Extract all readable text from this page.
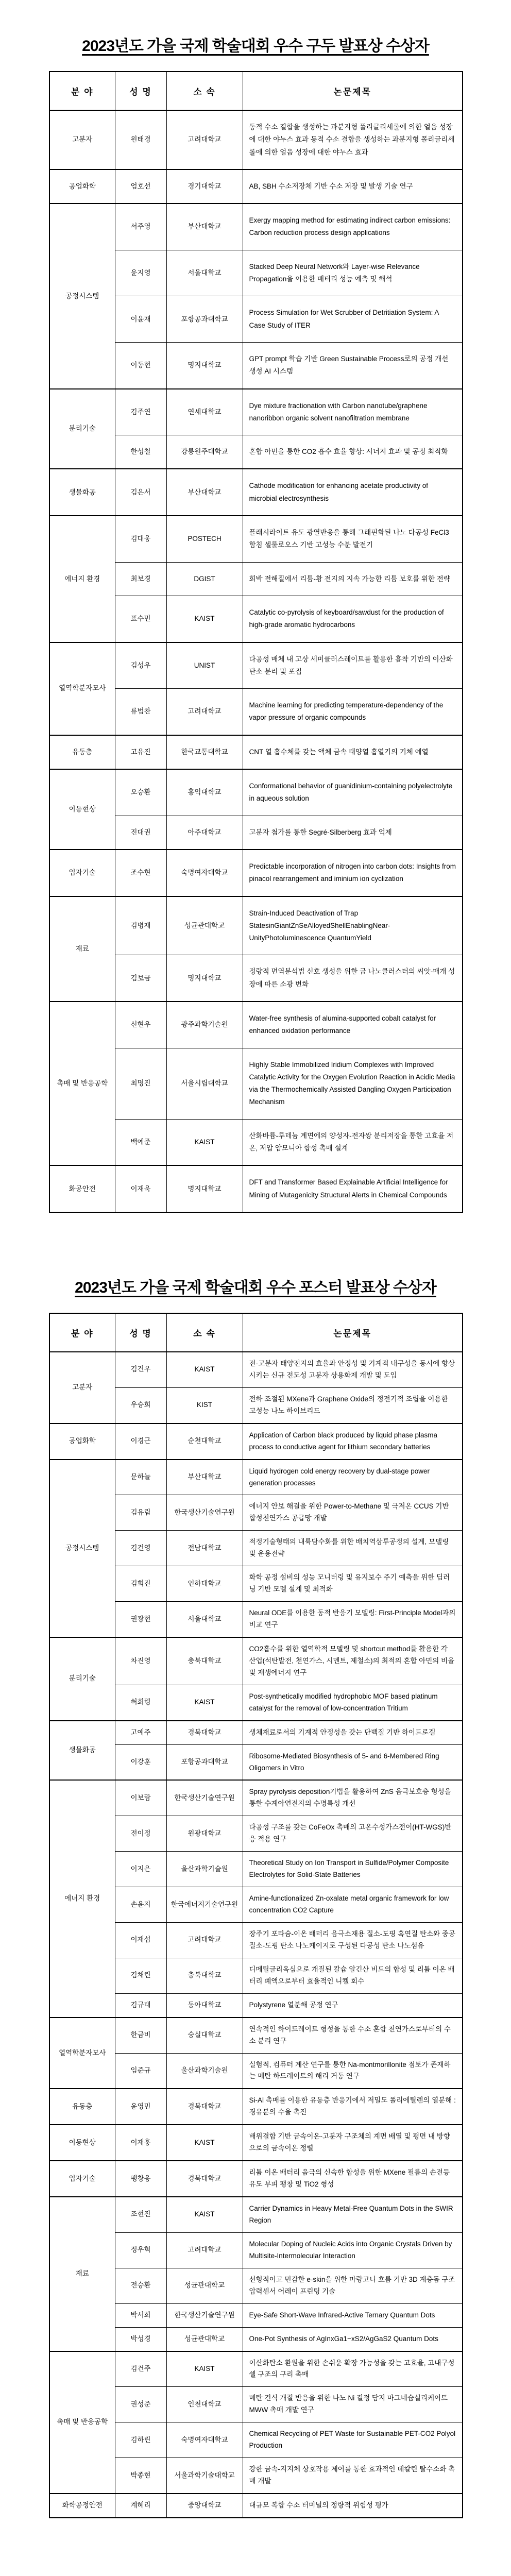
2023년도 가을 국제 학술대회 우수 구두 발표상 수상자
분 야	성 명	소 속	논문제목
고분자	원태경	고려대학교	동적 수소 결합을 생성하는 과분지형 폴리글리세롤에 의한 얼음 성장에 대한 야누스 효과 동적 수소 결합을 생성하는 과분지형 폴리글리세롤에 의한 얼음 성장에 대한 야누스 효과
공업화학	엄호선	경기대학교	AB, SBH 수소저장체 기반 수소 저장 및 발생 기술 연구
공정시스템	서주영	부산대학교	Exergy mapping method for estimating indirect carbon emissions: Carbon reduction process design applications
	윤지영	서울대학교	Stacked Deep Neural Network와 Layer-wise Relevance Propagation을 이용한 배터리 성능 예측 및 해석
	이윤재	포항공과대학교	Process Simulation for Wet Scrubber of Detritiation System: A Case Study of ITER
	이동현	명지대학교	GPT prompt 학습 기반 Green Sustainable Process로의 공정 개선 생성 AI 시스템
분리기술	김주연	연세대학교	Dye mixture fractionation with Carbon nanotube/graphene nanoribbon organic solvent nanofiltration membrane
	한성철	강릉원주대학교	혼합 아민을 통한 CO2 흡수 효율 향상: 시너지 효과 및 공정 최적화
생물화공	김은서	부산대학교	Cathode modification for enhancing acetate productivity of microbial electrosynthesis
에너지 환경	김대웅	POSTECH	플래시라이트 유도 광열반응을 통해 그래핀화된 나노 다공성 FeCl3 함침 셀룰로오스 기반 고성능 수분 발전기
	최보경	DGIST	희박 전해질에서 리튬-황 전지의 지속 가능한 리튬 보호를 위한 전략
	표수민	KAIST	Catalytic co-pyrolysis of keyboard/sawdust for the production of high-grade aromatic hydrocarbons
열역학분자모사	김성우	UNIST	다공성 매체 내 고상 세미클러스레이트를 활용한 흡착 기반의 이산화탄소 분리 및 포집
	류범찬	고려대학교	Machine learning for predicting temperature-dependency of the vapor pressure of organic compounds
유동층	고유진	한국교통대학교	CNT 열 흡수체를 갖는 액체 금속 태양열 흡열기의 기체 예열
이동현상	오승환	홍익대학교	Conformational behavior of guanidinium-containing polyelectrolyte in aqueous solution
	진대권	아주대학교	고분자 첨가를 통한 Segré-Silberberg 효과 억제
입자기술	조수현	숙명여자대학교	Predictable incorporation of nitrogen into carbon dots: Insights from pinacol rearrangement and iminium ion cyclization
재료	김병재	성균관대학교	Strain-Induced Deactivation of Trap StatesinGiantZnSeAlloyedShellEnablingNear-UnityPhotoluminescence QuantumYield
	김보금	명지대학교	정량적 면역분석법 신호 생성을 위한 금 나노클러스터의 씨앗-매개 성장에 따른 소광 변화
촉매 및 반응공학	신현우	광주과학기술원	Water-free synthesis of alumina-supported cobalt catalyst for enhanced oxidation performance
	최명진	서울시립대학교	Highly Stable Immobilized Iridium Complexes with Improved Catalytic Activity for the Oxygen Evolution Reaction in Acidic Media via the Thermochemically Assisted Dangling Oxygen Participation Mechanism
	백예준	KAIST	산화바륨-루테늄 계면에의 양성자-전자쌍 분리저장을 통한 고효율 저온, 저압 암모니아 합성 촉매 설계
화공안전	이재욱	명지대학교	DFT and Transformer Based Explainable Artificial Intelligence for Mining of Mutagenicity Structural Alerts in Chemical Compounds
2023년도 가을 국제 학술대회 우수 포스터 발표상 수상자
분 야	성 명	소 속	논문제목
고분자	김건우	KAIST	전-고분자 태양전지의 효율과 안정성 및 기계적 내구성을 동시에 향상시키는 신규 전도성 고분자 상용화제 개발 및 도입
	우승희	KIST	전하 조절된 MXene과 Graphene Oxide의 정전기적 조립을 이용한 고성능 나노 하이브리드
공업화학	이경근	순천대학교	Application of Carbon black produced by liquid phase plasma process to conductive agent for lithium secondary batteries
공정시스템	문하늘	부산대학교	Liquid hydrogen cold energy recovery by dual-stage power generation processes
	김유림	한국생산기술연구원	에너지 안보 해결을 위한 Power-to-Methane 및 극저온 CCUS 기반 합성천연가스 공급망 개발
	김건영	전남대학교	적정기술형태의 내륙담수화를 위한 배치역삼투공정의 설계, 모델링 및 운용전략
	김희진	인하대학교	화학 공정 설비의 성능 모니터링 및 유지보수 주기 예측을 위한 딥러닝 기반 모델 설계 및 최적화
	권광현	서울대학교	Neural ODE를 이용한 동적 반응기 모델링: First-Principle Model과의 비교 연구
분리기술	차진영	충북대학교	CO2흡수를 위한 열역학적 모델링 및 shortcut method를 활용한 각 산업(석탄발전, 천연가스, 시멘트, 제철소)의 최적의 혼합 아민의 비율 및 재생에너지 연구
	허희령	KAIST	Post-synthetically modified hydrophobic MOF based platinum catalyst for the removal of low-concentration Tritium
생물화공	고예주	경북대학교	생체재료로서의 기계적 안정성을 갖는 단백질 기반 하이드로겔
	이강훈	포항공과대학교	Ribosome-Mediated Biosynthesis of 5- and 6-Membered Ring Oligomers in Vitro
에너지 환경	이보람	한국생산기술연구원	Spray pyrolysis deposition기법을 활용하여 ZnS 음극보호층 형성을 통한 수계아연전지의 수명특성 개선
	전이정	원광대학교	다공성 구조를 갖는 CoFeOx 촉매의 고온수성가스전이(HT-WGS)반응 적용 연구
	이지은	울산과학기술원	Theoretical Study on Ion Transport in Sulfide/Polymer Composite Electrolytes for Solid-State Batteries
	손윤지	한국에너지기술연구원	Amine-functionalized Zn-oxalate metal organic framework for low concentration CO2 Capture
	이재섭	고려대학교	장주기 포타슘-이온 배터리 음극소재용 질소-도핑 흑연질 탄소와 중공 질소-도핑 탄소 나노케이지로 구성된 다공성 탄소 나노섬유
	김채린	충북대학교	디메틸글리옥심으로 개질된 칼슘 알긴산 비드의 합성 및 리튬 이온 배터리 폐액으로부터 효율적인 니켈 회수
	김규태	동아대학교	Polystyrene 열분해 공정 연구
열역학분자모사	한금비	숭실대학교	연속적인 하이드레이트 형성을 통한 수소 혼합 천연가스로부터의 수소 분리 연구
	임준규	울산과학기술원	실험적, 컴퓨터 계산 연구를 통한 Na-montmorillonite 점토가 존재하는 메탄 하드레이트의 해리 거동 연구
유동층	윤영민	경북대학교	Si-Al 촉매를 이용한 유동층 반응기에서 저밀도 폴리에틸렌의 열분해 : 경유분의 수율 촉진
이동현상	이재홍	KAIST	배위결합 기반 금속이온-고분자 구조체의 계면 배열 및 평면 내 방향으로의 금속이온 정렬
입자기술	팽창응	경북대학교	리튬 이온 배터리 음극의 신속한 합성을 위한 MXene 필름의 손전등 유도 부피 팽창 및 TiO2 형성
재료	조현진	KAIST	Carrier Dynamics in Heavy Metal-Free Quantum Dots in the SWIR Region
	정우혁	고려대학교	Molecular Doping of Nucleic Acids into Organic Crystals Driven by Multisite-Intermolecular Interaction
	전승환	성균관대학교	선형적이고 민감한 e-skin을 위한 마랑고니 흐름 기반 3D 계층돔 구조 압력센서 어레이 프린팅 기술
	박서희	한국생산기술연구원	Eye-Safe Short-Wave Infrared-Active Ternary Quantum Dots
	박성경	성균관대학교	One-Pot Synthesis of AgInxGa1−xS2/AgGaS2 Quantum Dots
촉매 및 반응공학	김건주	KAIST	이산화탄소 환원을 위한 손쉬운 확장 가능성을 갖는 고효율, 고내구성 쉘 구조의 구리 촉매
	권성준	인천대학교	메탄 건식 개질 반응을 위한 나노 Ni 결정 담지 마그네슘실리케이트 MWW 촉매 개발 연구
	김하린	숙명여자대학교	Chemical Recycling of PET Waste for Sustainable PET-CO2 Polyol Production
	박종현	서울과학기술대학교	강한 금속-지지체 상호작용 제어를 통한 효과적인 데칼린 탈수소화 촉매 개발
화학공정안전	계혜리	중앙대학교	대규모 복합 수소 터미널의 정량적 위험성 평가
